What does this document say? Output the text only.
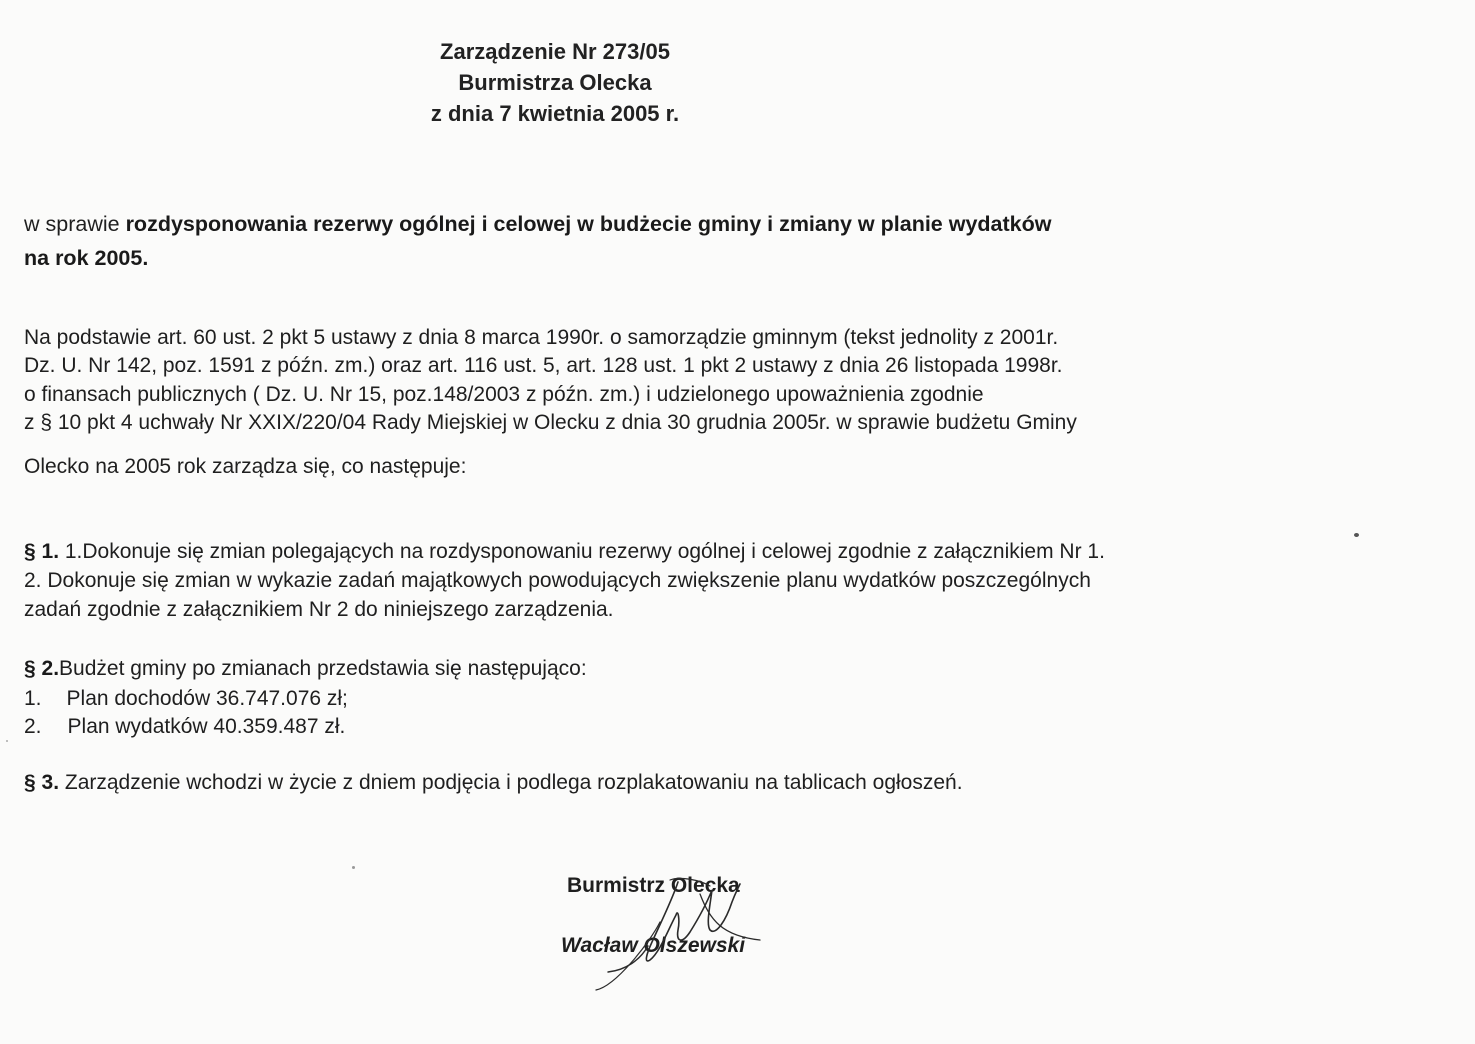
Zarządzenie Nr 273/05
Burmistrza Olecka
z dnia 7 kwietnia 2005 r.
w sprawie rozdysponowania rezerwy ogólnej i celowej w budżecie gminy i zmiany w planie wydatków
na rok 2005.
Na podstawie art. 60 ust. 2 pkt 5 ustawy z dnia 8 marca 1990r. o samorządzie gminnym (tekst jednolity z 2001r.
Dz. U. Nr 142, poz. 1591 z późn. zm.) oraz art. 116 ust. 5, art. 128 ust. 1 pkt 2 ustawy z dnia 26 listopada 1998r.
o finansach publicznych ( Dz. U. Nr 15, poz.148/2003 z późn. zm.) i udzielonego upoważnienia zgodnie
z § 10 pkt 4 uchwały Nr XXIX/220/04 Rady Miejskiej w Olecku z dnia 30 grudnia 2005r. w sprawie budżetu Gminy
Olecko na 2005 rok zarządza się, co następuje:
§ 1. 1.Dokonuje się zmian polegających na rozdysponowaniu rezerwy ogólnej i celowej zgodnie z załącznikiem Nr 1.
2. Dokonuje się zmian w wykazie zadań majątkowych powodujących zwiększenie planu wydatków poszczególnych
zadań zgodnie z załącznikiem Nr 2 do niniejszego zarządzenia.
§ 2.Budżet gminy po zmianach przedstawia się następująco:
1. Plan dochodów 36.747.076 zł;
2. Plan wydatków 40.359.487 zł.
§ 3. Zarządzenie wchodzi w życie z dniem podjęcia i podlega rozplakatowaniu na tablicach ogłoszeń.
Burmistrz Olecka
Wacław Olszewski
